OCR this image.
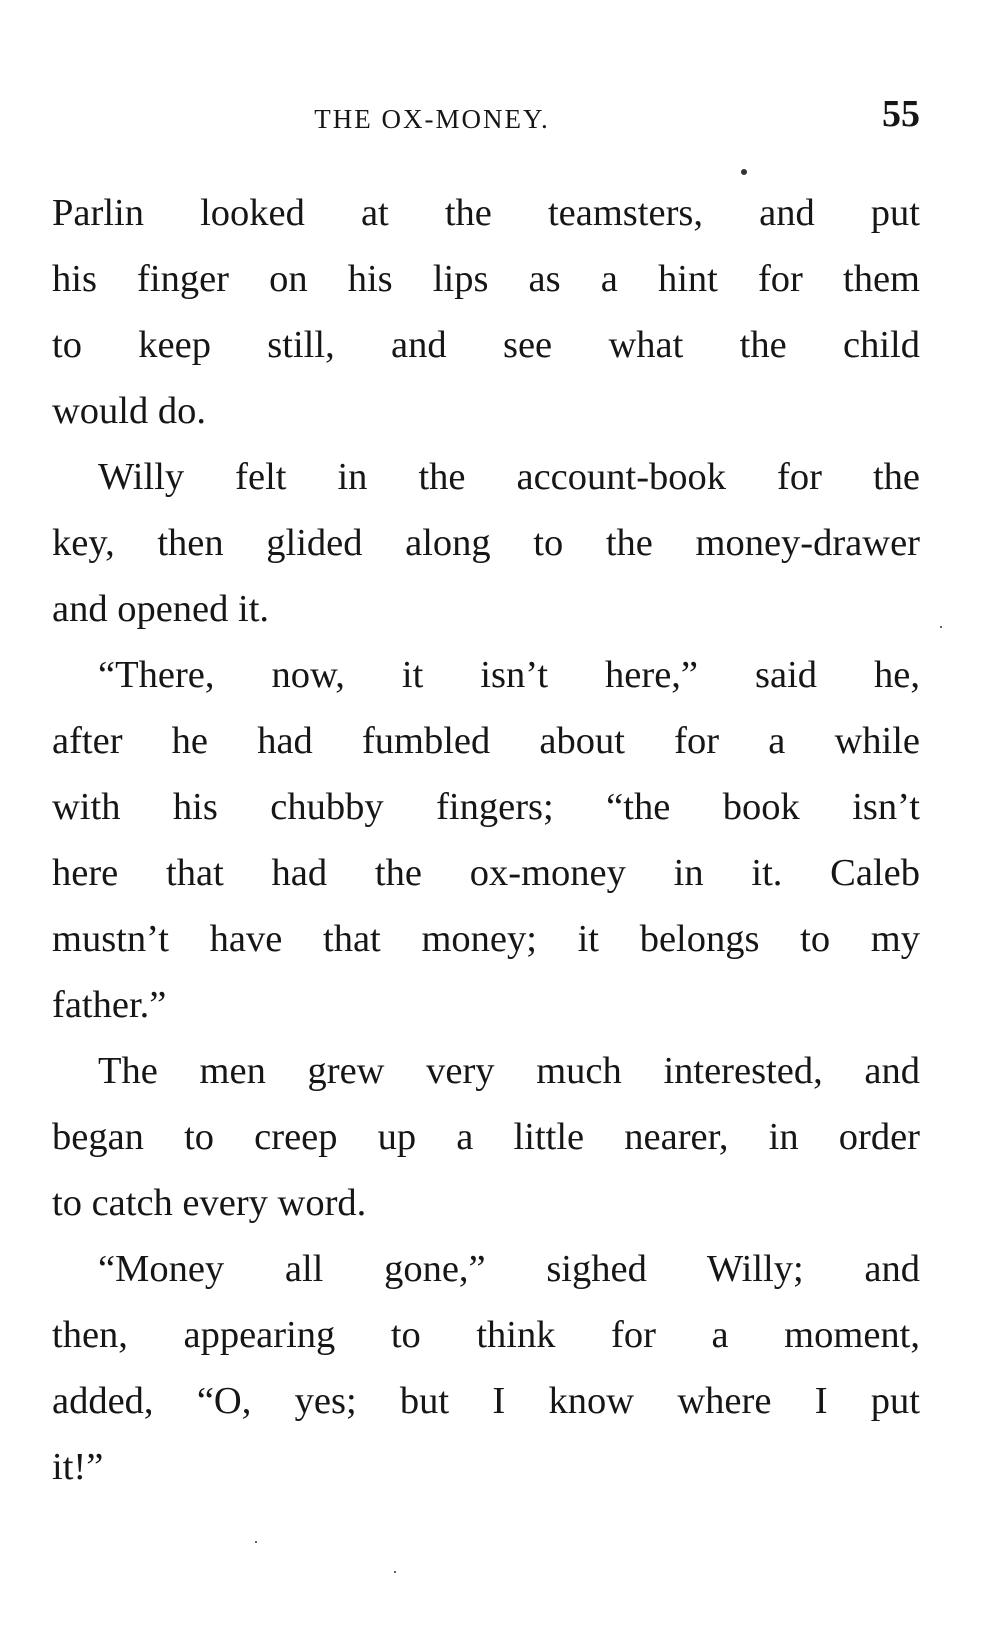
THE OX-MONEY.	55
Parlin looked at the teamsters, and put
his finger on his lips as a hint for them
to keep still, and see what the child
would do.
Willy felt in the account-book for the
key, then glided along to the money-drawer
and opened it.
“There, now, it isn’t here,” said he,
after he had fumbled about for a while
with his chubby fingers; “the book isn’t
here that had the ox-money in it. Caleb
mustn’t have that money; it belongs to my
father.”
The men grew very much interested, and
began to creep up a little nearer, in order
to catch every word.
“Money all gone,” sighed Willy; and
then, appearing to think for a moment,
added, “O, yes; but I know where I put
it!”
